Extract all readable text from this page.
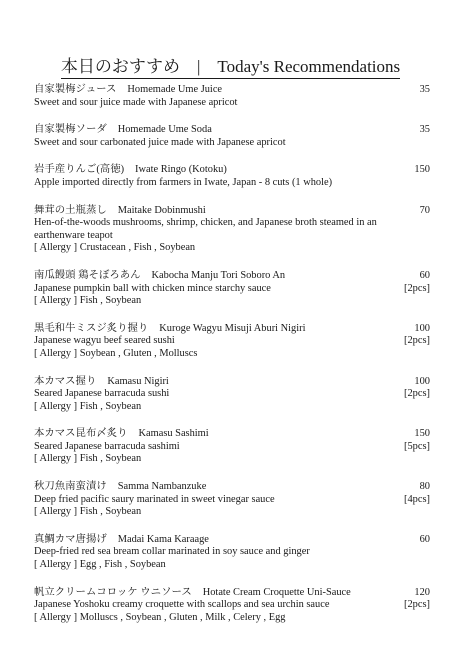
本日のおすすめ　|　Today's Recommendations
自家製梅ジュース Homemade Ume Juice	35
Sweet and sour juice made with Japanese apricot
自家製梅ソーダ Homemade Ume Soda	35
Sweet and sour carbonated juice made with Japanese apricot
岩手産りんご(高徳) Iwate Ringo (Kotoku)	150
Apple imported directly from farmers in Iwate, Japan - 8 cuts (1 whole)
舞茸の土瓶蒸し Maitake Dobinmushi	70
Hen-of-the-woods mushrooms, shrimp, chicken, and Japanese broth steamed in an earthenware teapot
[ Allergy ] Crustacean , Fish , Soybean
南瓜饅頭 鶏そぼろあん Kabocha Manju Tori Soboro An	60
Japanese pumpkin ball with chicken mince starchy sauce	[2pcs]
[ Allergy ] Fish , Soybean
黒毛和牛ミスジ炙り握り Kuroge Wagyu Misuji Aburi Nigiri	100
Japanese wagyu beef seared sushi	[2pcs]
[ Allergy ] Soybean , Gluten , Molluscs
本カマス握り Kamasu Nigiri	100
Seared Japanese barracuda sushi	[2pcs]
[ Allergy ] Fish , Soybean
本カマス昆布〆炙り Kamasu Sashimi	150
Seared Japanese barracuda sashimi	[5pcs]
[ Allergy ] Fish , Soybean
秋刀魚南蛮漬け Samma Nambanzuke	80
Deep fried pacific saury marinated in sweet vinegar sauce	[4pcs]
[ Allergy ] Fish , Soybean
真鯛カマ唐揚げ Madai Kama Karaage	60
Deep-fried red sea bream collar marinated in soy sauce and ginger
[ Allergy ] Egg , Fish , Soybean
帆立クリームコロッケ ウニソース Hotate Cream Croquette Uni-Sauce	120
Japanese Yoshoku creamy croquette with scallops and sea urchin sauce	[2pcs]
[ Allergy ] Molluscs , Soybean , Gluten , Milk , Celery , Egg
